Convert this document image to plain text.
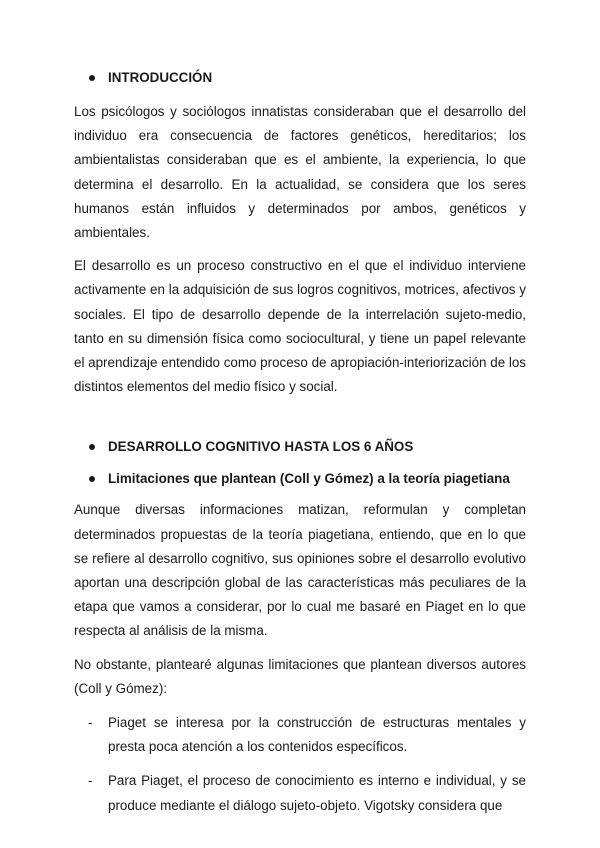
INTRODUCCIÓN

Los psicólogos y sociólogos innatistas consideraban que el desarrollo del individuo era consecuencia de factores genéticos, hereditarios; los ambientalistas consideraban que es el ambiente, la experiencia, lo que determina el desarrollo. En la actualidad, se considera que los seres humanos están influidos y determinados por ambos, genéticos y ambientales.

El desarrollo es un proceso constructivo en el que el individuo interviene activamente en la adquisición de sus logros cognitivos, motrices, afectivos y sociales. El tipo de desarrollo depende de la interrelación sujeto-medio, tanto en su dimensión física como sociocultural, y tiene un papel relevante el aprendizaje entendido como proceso de apropiación-interiorización de los distintos elementos del medio físico y social.

DESARROLLO COGNITIVO HASTA LOS 6 AÑOS
Limitaciones que plantean (Coll y Gómez) a la teoría piagetiana

Aunque diversas informaciones matizan, reformulan y completan determinados propuestas de la teoría piagetiana, entiendo, que en lo que se refiere al desarrollo cognitivo, sus opiniones sobre el desarrollo evolutivo aportan una descripción global de las características más peculiares de la etapa que vamos a considerar, por lo cual me basaré en Piaget en lo que respecta al análisis de la misma.

No obstante, plantearé algunas limitaciones que plantean diversos autores (Coll y Gómez):

- Piaget se interesa por la construcción de estructuras mentales y presta poca atención a los contenidos específicos.
- Para Piaget, el proceso de conocimiento es interno e individual, y se produce mediante el diálogo sujeto-objeto. Vigotsky considera que
